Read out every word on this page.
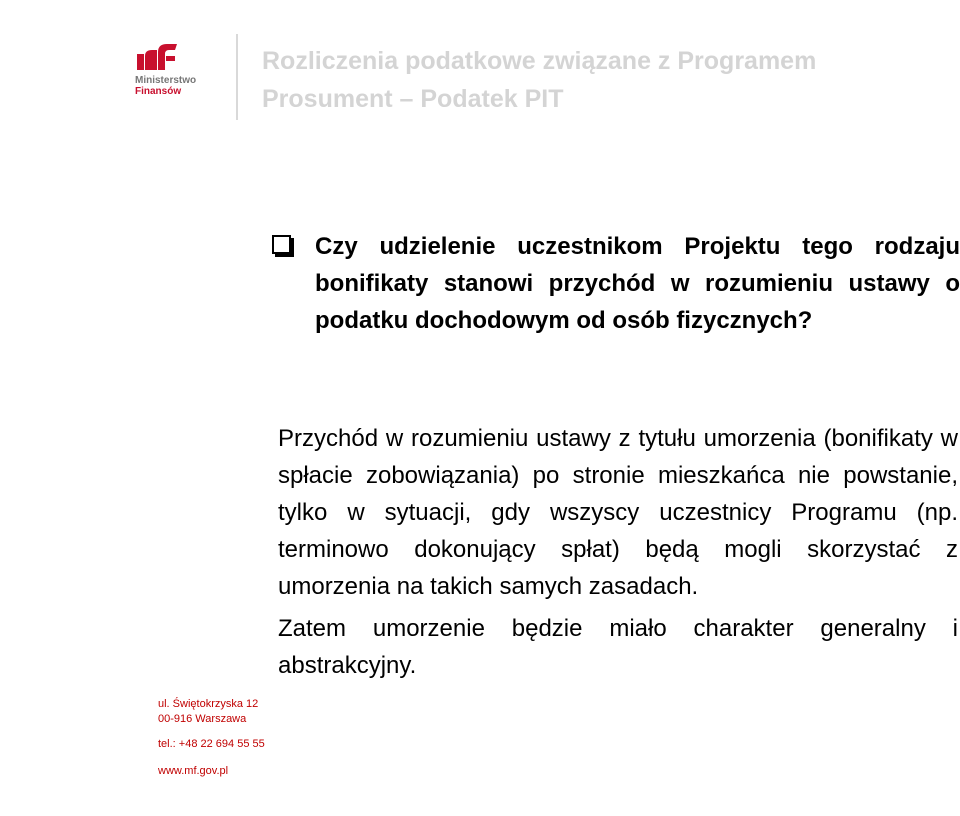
Ministerstwo
Finansów
Rozliczenia podatkowe związane z Programem Prosument – Podatek PIT
Czy udzielenie uczestnikom Projektu tego rodzaju bonifikaty stanowi przychód w rozumieniu ustawy o podatku dochodowym od osób fizycznych?

Przychód w rozumieniu ustawy z tytułu umorzenia (bonifikaty w spłacie zobowiązania) po stronie mieszkańca nie powstanie, tylko w sytuacji, gdy wszyscy uczestnicy Programu (np. terminowo dokonujący spłat) będą mogli skorzystać z umorzenia na takich samych zasadach.

Zatem umorzenie będzie miało charakter generalny i abstrakcyjny.

ul. Świętokrzyska 12
00-916 Warszawa
tel.: +48 22 694 55 55
www.mf.gov.pl
